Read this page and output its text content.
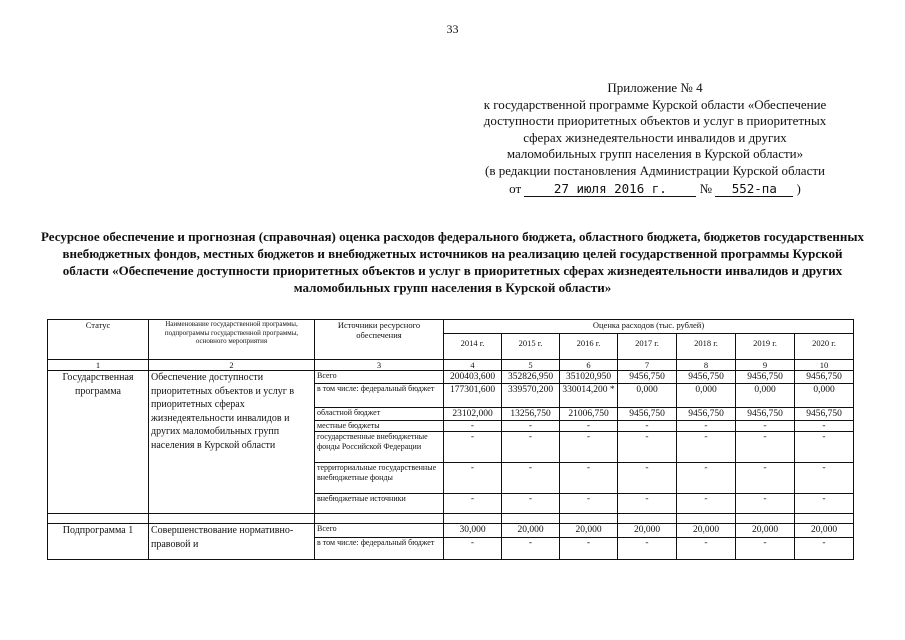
33
Приложение № 4
к государственной программе Курской области «Обеспечение
доступности приоритетных объектов и услуг в приоритетных
сферах жизнедеятельности инвалидов и других
маломобильных групп населения в Курской области»
(в редакции постановления Администрации Курской области
от	27 июля 2016 г.	№ 552-па )
Ресурсное обеспечение и прогнозная (справочная) оценка расходов федерального бюджета, областного бюджета, бюджетов государственных внебюджетных фондов, местных бюджетов и внебюджетных источников на реализацию целей государственной программы Курской области «Обеспечение доступности приоритетных объектов и услуг в приоритетных сферах жизнедеятельности инвалидов и других маломобильных групп населения в Курской области»
Статус	Наименование государственной программы, подпрограммы государственной программы, основного мероприятия	Источники ресурсного обеспечения	Оценка расходов (тыс. рублей)						
			2014 г.	2015 г.	2016 г.	2017 г.	2018 г.	2019 г.	2020 г.
1	2	3	4	5	6	7	8	9	10
Государственная программа	Обеспечение доступности приоритетных объектов и услуг в приоритетных сферах жизнедеятельности инвалидов и других маломобильных групп населения в Курской области	Всего	200403,600	352826,950	351020,950	9456,750	9456,750	9456,750	9456,750
		в том числе: федеральный бюджет	177301,600	339570,200	330014,200 *	0,000	0,000	0,000	0,000
		областной бюджет	23102,000	13256,750	21006,750	9456,750	9456,750	9456,750	9456,750
		местные бюджеты	-	-	-	-	-	-	-
		государственные внебюджетные фонды Российской Федерации	-	-	-	-	-	-	-
		территориальные государственные внебюджетные фонды	-	-	-	-	-	-	-
		внебюджетные источники	-	-	-	-	-	-	-

Подпрограмма 1	Совершенствование нормативно-правовой и	Всего	30,000	20,000	20,000	20,000	20,000	20,000	20,000
		в том числе: федеральный бюджет	-	-	-	-	-	-	-
